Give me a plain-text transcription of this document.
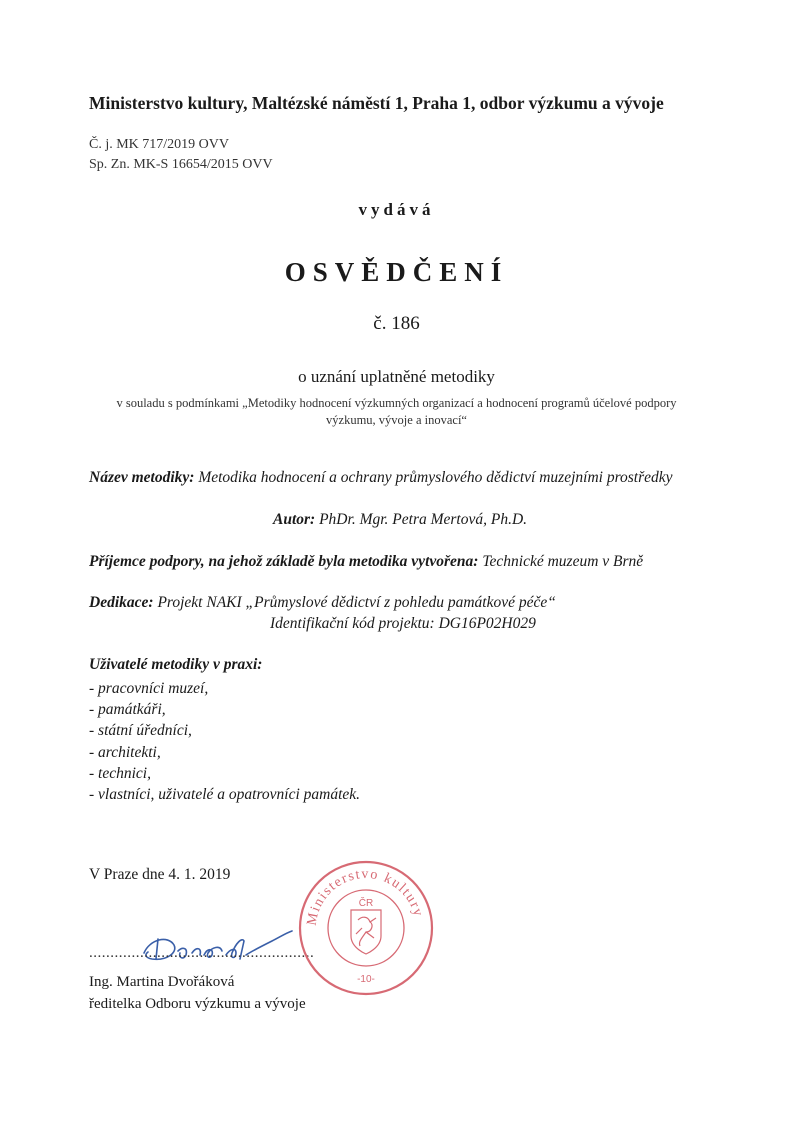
Ministerstvo kultury, Maltézské náměstí 1, Praha 1, odbor výzkumu a vývoje
Č. j. MK 717/2019 OVV
Sp. Zn. MK-S 16654/2015 OVV
vydává
OSVĚDČENÍ
č. 186
o uznání uplatněné metodiky
v souladu s podmínkami „Metodiky hodnocení výzkumných organizací a hodnocení programů účelové podpory
výzkumu, vývoje a inovací“
Název metodiky: Metodika hodnocení a ochrany průmyslového dědictví muzejními prostředky
Autor: PhDr. Mgr. Petra Mertová, Ph.D.
Příjemce podpory, na jehož základě byla metodika vytvořena: Technické muzeum v Brně
Dedikace: Projekt NAKI „Průmyslové dědictví z pohledu památkové péče“
Identifikační kód projektu: DG16P02H029
Uživatelé metodiky v praxi:
- pracovníci muzeí,
- památkáři,
- státní úředníci,
- architekti,
- technici,
- vlastníci, uživatelé a opatrovníci památek.
V Praze dne 4. 1. 2019
.....................................................
Ing. Martina Dvořáková
ředitelka Odboru výzkumu a vývoje
Ministerstvo kultury
ČR
-10-
